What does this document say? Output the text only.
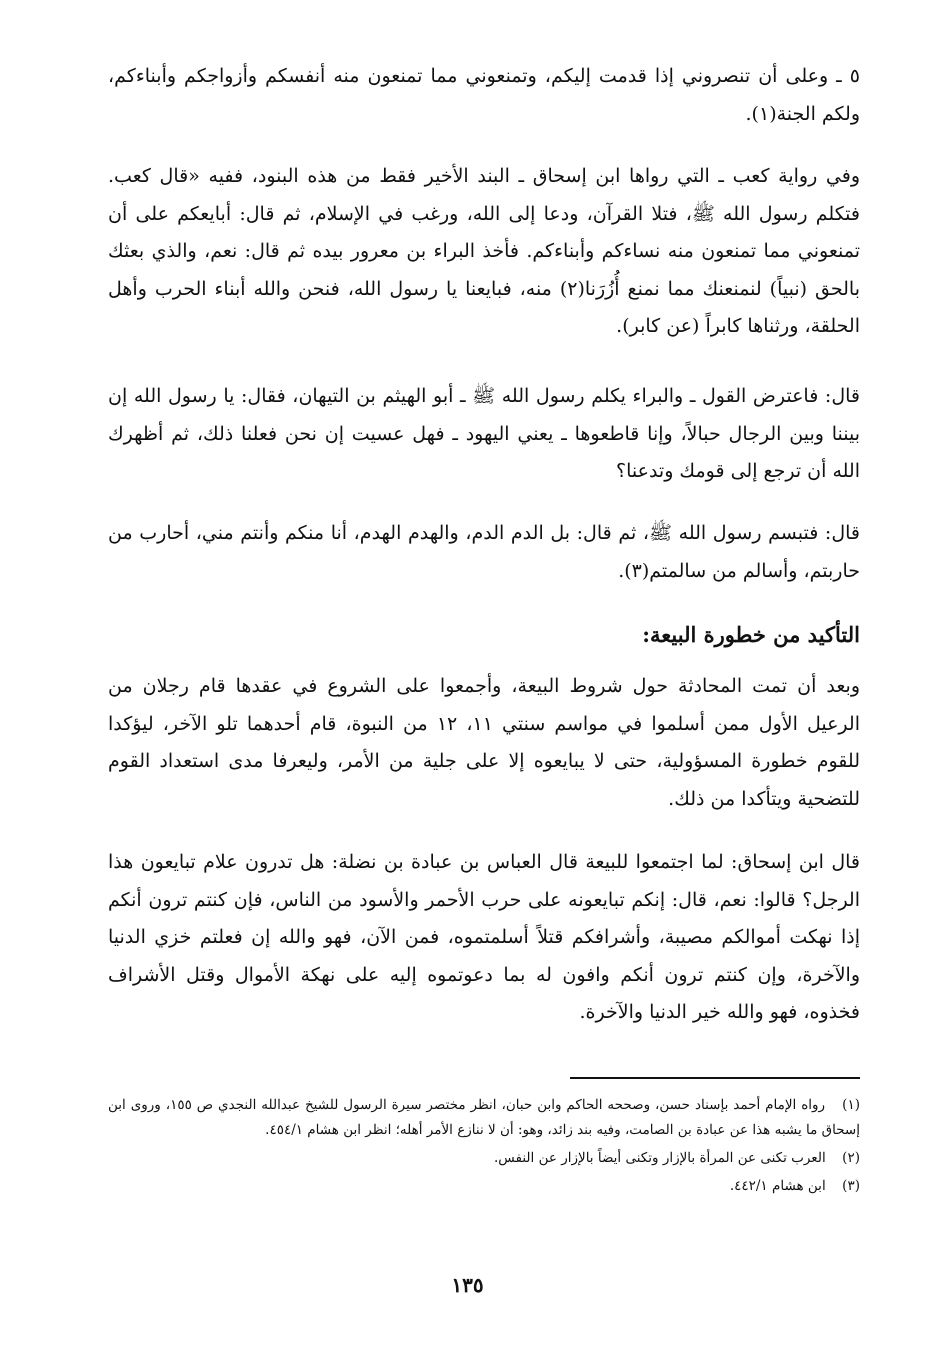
٥ ـ وعلى أن تنصروني إذا قدمت إليكم، وتمنعوني مما تمنعون منه أنفسكم وأزواجكم وأبناءكم، ولكم الجنة(١).

وفي رواية كعب ـ التي رواها ابن إسحاق ـ البند الأخير فقط من هذه البنود، ففيه «قال كعب. فتكلم رسول الله ﷺ، فتلا القرآن، ودعا إلى الله، ورغب في الإسلام، ثم قال: أبايعكم على أن تمنعوني مما تمنعون منه نساءكم وأبناءكم. فأخذ البراء بن معرور بيده ثم قال: نعم، والذي بعثك بالحق (نبياً) لنمنعنك مما نمنع أُزُرَنا(٢) منه، فبايعنا يا رسول الله، فنحن والله أبناء الحرب وأهل الحلقة، ورثناها كابراً (عن كابر).

قال: فاعترض القول ـ والبراء يكلم رسول الله ﷺ ـ أبو الهيثم بن التيهان، فقال: يا رسول الله إن بيننا وبين الرجال حبالاً، وإنا قاطعوها ـ يعني اليهود ـ فهل عسيت إن نحن فعلنا ذلك، ثم أظهرك الله أن ترجع إلى قومك وتدعنا؟

قال: فتبسم رسول الله ﷺ، ثم قال: بل الدم الدم، والهدم الهدم، أنا منكم وأنتم مني، أحارب من حاربتم، وأسالم من سالمتم(٣).

التأكيد من خطورة البيعة:

وبعد أن تمت المحادثة حول شروط البيعة، وأجمعوا على الشروع في عقدها قام رجلان من الرعيل الأول ممن أسلموا في مواسم سنتي ١١، ١٢ من النبوة، قام أحدهما تلو الآخر، ليؤكدا للقوم خطورة المسؤولية، حتى لا يبايعوه إلا على جلية من الأمر، وليعرفا مدى استعداد القوم للتضحية ويتأكدا من ذلك.

قال ابن إسحاق: لما اجتمعوا للبيعة قال العباس بن عبادة بن نضلة: هل تدرون علام تبايعون هذا الرجل؟ قالوا: نعم، قال: إنكم تبايعونه على حرب الأحمر والأسود من الناس، فإن كنتم ترون أنكم إذا نهكت أموالكم مصيبة، وأشرافكم قتلاً أسلمتموه، فمن الآن، فهو والله إن فعلتم خزي الدنيا والآخرة، وإن كنتم ترون أنكم وافون له بما دعوتموه إليه على نهكة الأموال وقتل الأشراف فخذوه، فهو والله خير الدنيا والآخرة.

(١) رواه الإمام أحمد بإسناد حسن، وصححه الحاكم وابن حبان، انظر مختصر سيرة الرسول للشيخ عبدالله النجدي ص ١٥٥، وروى ابن إسحاق ما يشبه هذا عن عبادة بن الصامت، وفيه بند زائد، وهو: أن لا ننازع الأمر أهله؛ انظر ابن هشام ٤٥٤/١.

(٢) العرب تكنى عن المرأة بالإزار وتكنى أيضاً بالإزار عن النفس.

(٣) ابن هشام ٤٤٢/١.

١٣٥
